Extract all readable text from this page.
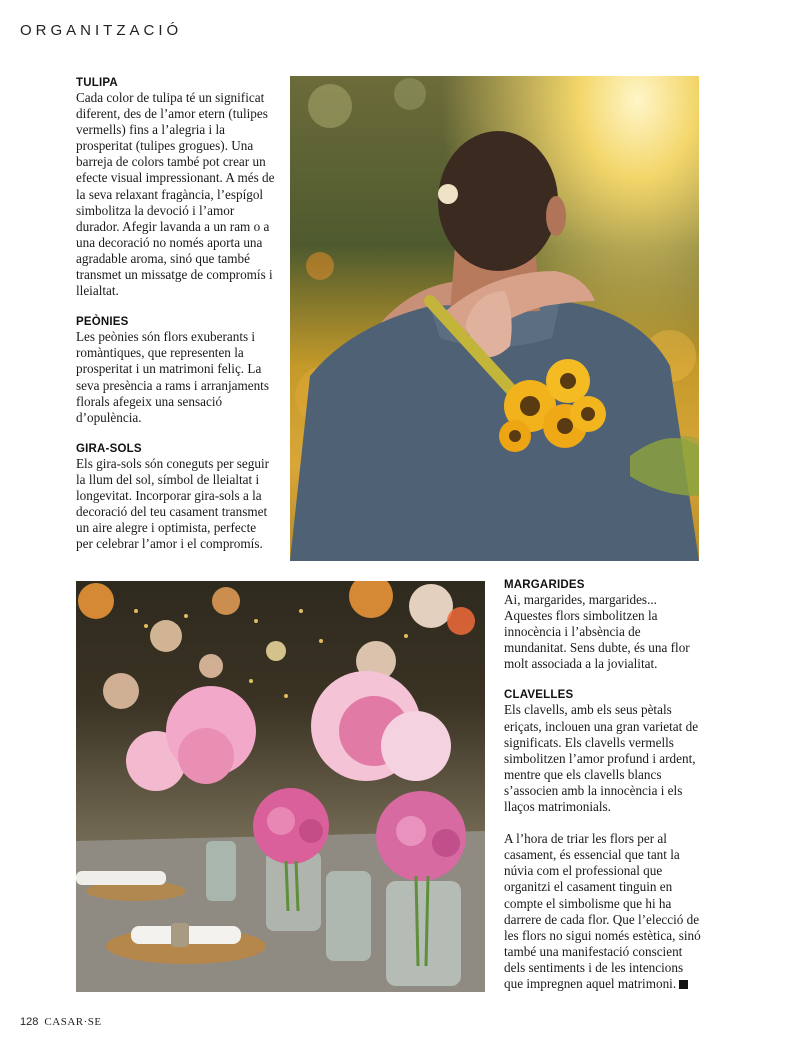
ORGANITZACIÓ
TULIPA

Cada color de tulipa té un significat diferent, des de l’amor etern (tulipes vermells) fins a l’alegria i la prosperitat (tulipes grogues). Una barreja de colors també pot crear un efecte visual impressionant. A més de la seva relaxant fragància, l’espígol simbolitza la devoció i l’amor durador. Afegir lavanda a un ram o a una decoració no només aporta una agradable aroma, sinó que també transmet un missatge de compromís i lleialtat.

PEÒNIES

Les peònies són flors exuberants i romàntiques, que representen la prosperitat i un matrimoni feliç. La seva presència a rams i arranjaments florals afegeix una sensació d’opulència.

GIRA-SOLS

Els gira-sols són coneguts per seguir la llum del sol, símbol de lleialtat i longevitat. Incorporar gira-sols a la decoració del teu casament transmet un aire alegre i optimista, perfecte per celebrar l’amor i el compromís.

MARGARIDES

Ai, margarides, margarides... Aquestes flors simbolitzen la innocència i l’absència de mundanitat. Sens dubte, és una flor molt associada a la jovialitat.

CLAVELLES

Els clavells, amb els seus pètals eriçats, inclouen una gran varietat de significats. Els clavells vermells simbolitzen l’amor profund i ardent, mentre que els clavells blancs s’associen amb la innocència i els llaços matrimonials.

A l’hora de triar les flors per al casament, és essencial que tant la núvia com el professional que organitzi el casament tinguin en compte el simbolisme que hi ha darrere de cada flor. Que l’elecció de les flors no sigui només estètica, sinó també una manifestació conscient dels sentiments i de les intencions que impregnen aquel matrimoni.

128 CASAR·SE
